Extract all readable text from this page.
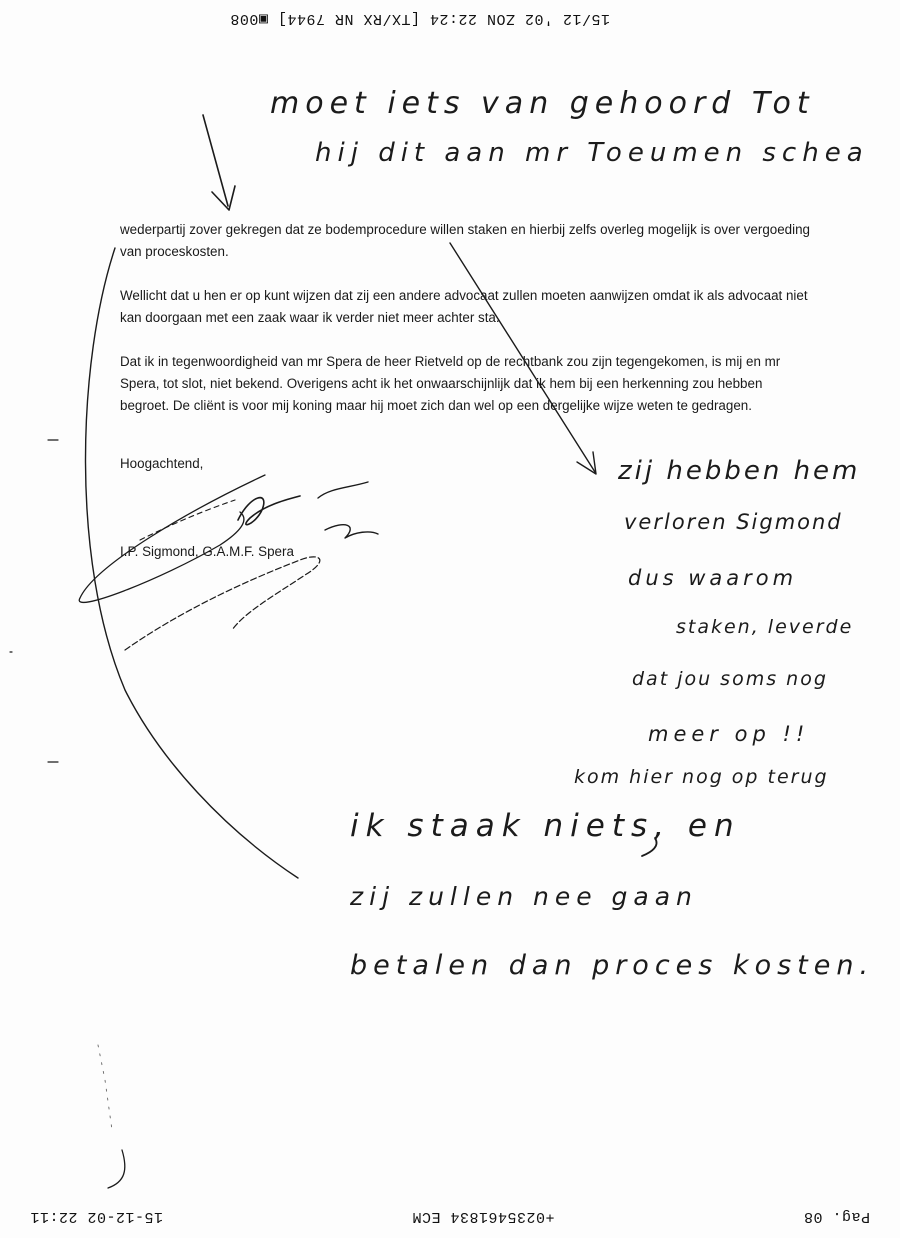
15/12 '02 ZON 22:24 [TX/RX NR 7944] ▣008

wederpartij zover gekregen dat ze bodemprocedure willen staken en hierbij zelfs overleg mogelijk is over vergoeding van proceskosten.

Wellicht dat u hen er op kunt wijzen dat zij een andere advocaat zullen moeten aanwijzen omdat ik als advocaat niet kan doorgaan met een zaak waar ik verder niet meer achter sta.

Dat ik in tegenwoordigheid van mr Spera de heer Rietveld op de rechtbank zou zijn tegengekomen, is mij en mr Spera, tot slot, niet bekend. Overigens acht ik het onwaarschijnlijk dat ik hem bij een herkenning zou hebben begroet. De cliënt is voor mij koning maar hij moet zich dan wel op een dergelijke wijze weten te gedragen.

Hoogachtend,
I.P. Sigmond, G.A.M.F. Spera
moet iets van gehoord Tot
hij dit aan mr Toeumen schea
zij hebben hem
verloren Sigmond
dus waarom
staken, leverde
dat jou soms nog
meer op !!
kom hier nog op terug
ik staak niets, en
zij zullen nee gaan
betalen dan proces kosten.
Pag. 08
+0235461834 ECM
15-12-02 22:11
